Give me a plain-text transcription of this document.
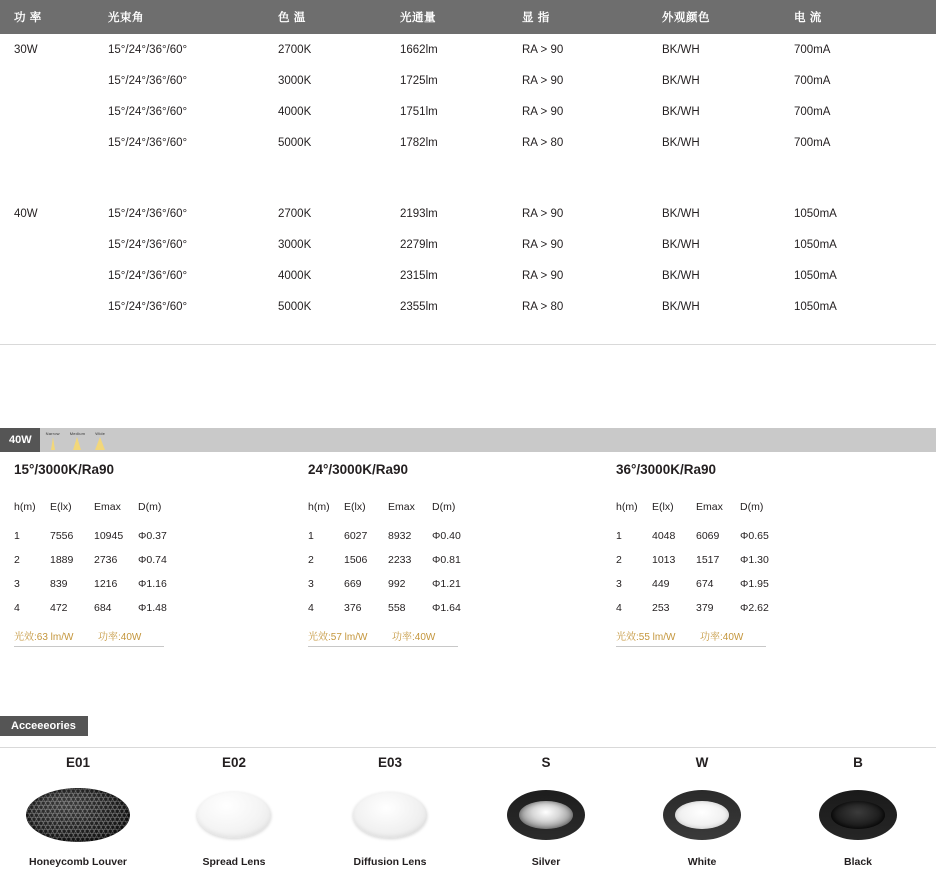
功 率	光束角	色 温	光通量	显 指	外观颜色	电 流
30W	15°/24°/36°/60°	2700K	1662lm	RA > 90	BK/WH	700mA
	15°/24°/36°/60°	3000K	1725lm	RA > 90	BK/WH	700mA
	15°/24°/36°/60°	4000K	1751lm	RA > 90	BK/WH	700mA
	15°/24°/36°/60°	5000K	1782lm	RA > 80	BK/WH	700mA

40W	15°/24°/36°/60°	2700K	2193lm	RA > 90	BK/WH	1050mA
	15°/24°/36°/60°	3000K	2279lm	RA > 90	BK/WH	1050mA
	15°/24°/36°/60°	4000K	2315lm	RA > 90	BK/WH	1050mA
	15°/24°/36°/60°	5000K	2355lm	RA > 80	BK/WH	1050mA

40W
Narrow	Medium	Wide
15°/3000K/Ra90
h(m)	E(lx)	Emax	D(m)
1	7556	10945	Φ0.37
2	1889	2736	Φ0.74
3	839	1216	Φ1.16
4	472	684	Φ1.48
光效:63 lm/W	功率:40W
24°/3000K/Ra90
h(m)	E(lx)	Emax	D(m)
1	6027	8932	Φ0.40
2	1506	2233	Φ0.81
3	669	992	Φ1.21
4	376	558	Φ1.64
光效:57 lm/W	功率:40W
36°/3000K/Ra90
h(m)	E(lx)	Emax	D(m)
1	4048	6069	Φ0.65
2	1013	1517	Φ1.30
3	449	674	Φ1.95
4	253	379	Φ2.62
光效:55 lm/W	功率:40W
Acceeeories
E01
Honeycomb Louver
E02
Spread Lens
E03
Diffusion Lens
S
Silver
W
White
B
Black
